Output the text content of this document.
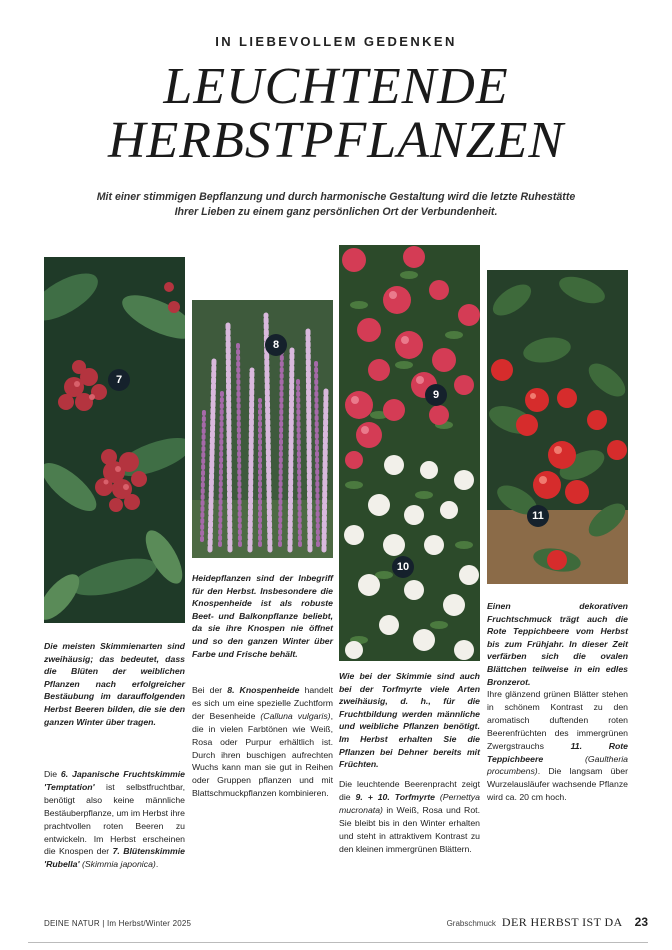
IN LIEBEVOLLEM GEDENKEN
LEUCHTENDE
HERBSTPFLANZEN
Mit einer stimmigen Bepflanzung und durch harmonische Gestaltung wird die letzte Ruhestätte Ihrer Lieben zu einem ganz persönlichen Ort der Verbundenheit.
7
8
9
10
11
Heidepflanzen sind der Inbegriff für den Herbst. Insbesondere die Knospenheide ist als robuste Beet- und Balkonpflanze beliebt, da sie ihre Knospen nie öffnet und so den ganzen Winter über Farbe und Frische behält.
Einen dekorativen Fruchtschmuck trägt auch die Rote Teppichbeere vom Herbst bis zum Frühjahr. In dieser Zeit verfärben sich die ovalen Blättchen teilweise in ein edles Bronzerot.
Die meisten Skimmienarten sind zweihäusig; das bedeutet, dass die Blüten der weiblichen Pflanzen nach erfolgreicher Bestäubung im darauffolgenden Herbst Beeren bilden, die sie den ganzen Winter über tragen.
Wie bei der Skimmie sind auch bei der Torfmyrte viele Arten zweihäusig, d. h., für die Fruchtbildung werden männliche und weibliche Pflanzen benötigt. Im Herbst erhalten Sie die Pflanzen bei Dehner bereits mit Früchten.
Die 6. Japanische Fruchtskimmie 'Temptation' ist selbstfruchtbar, benötigt also keine männliche Bestäuberpflanze, um im Herbst ihre prachtvollen roten Beeren zu entwickeln. Im Herbst erscheinen die Knospen der 7. Blütenskimmie 'Rubella' (Skimmia japonica).
Bei der 8. Knospenheide handelt es sich um eine spezielle Zuchtform der Besenheide (Calluna vulgaris), die in vielen Farbtönen wie Weiß, Rosa oder Purpur erhältlich ist. Durch ihren buschigen aufrechten Wuchs kann man sie gut in Reihen oder Gruppen pflanzen und mit Blattschmuckpflanzen kombinieren.
Die leuchtende Beerenpracht zeigt die 9. + 10. Torfmyrte (Pernettya mucronata) in Weiß, Rosa und Rot. Sie bleibt bis in den Winter erhalten und steht in attraktivem Kontrast zu den kleinen immergrünen Blättern.
Ihre glänzend grünen Blätter stehen in schönem Kontrast zu den aromatisch duftenden roten Beerenfrüchten des immergrünen Zwergstrauchs 11. Rote Teppichbeere	(Gaultheria procumbens). Die langsam über Wurzelausläufer wachsende Pflanze wird ca. 20 cm hoch.
DEINE NATUR | Im Herbst/Winter 2025	Grabschmuck DER HERBST IST DA 23
